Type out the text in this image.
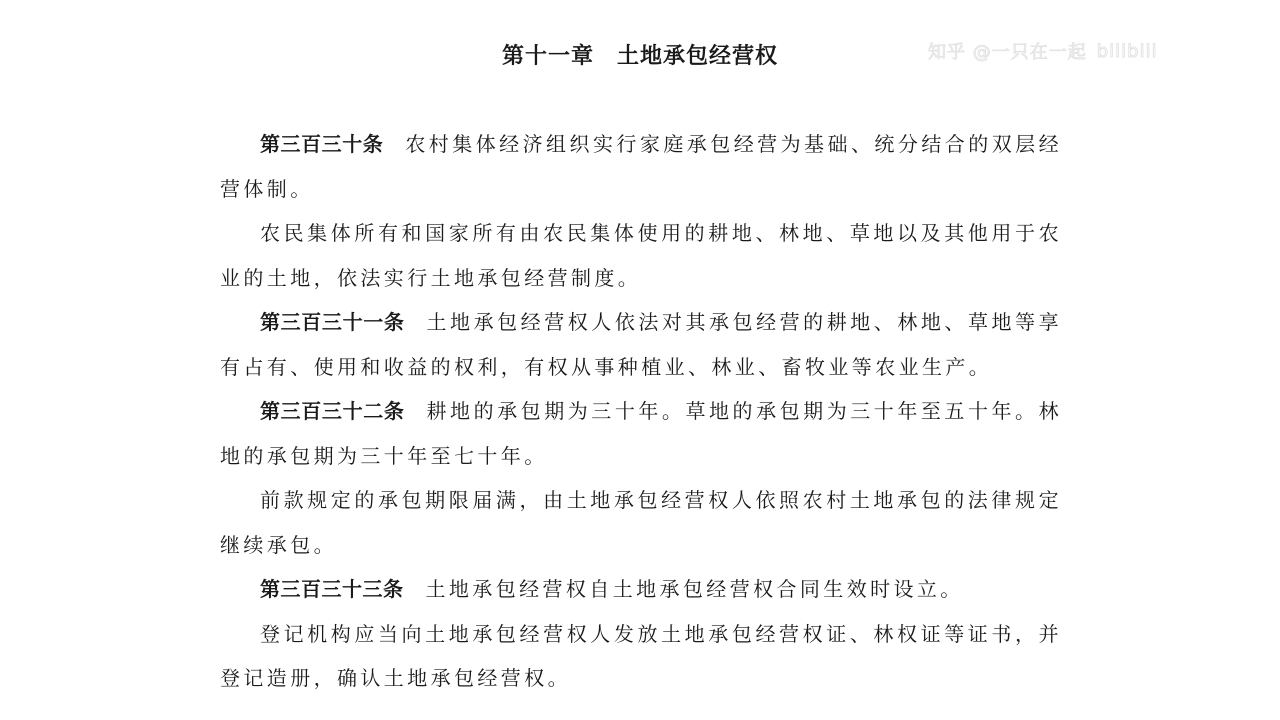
第十一章　土地承包经营权	知乎 @一只在一起 bilibili

第三百三十条 农村集体经济组织实行家庭承包经营为基础、统分结合的双层经营体制。

农民集体所有和国家所有由农民集体使用的耕地、林地、草地以及其他用于农业的土地，依法实行土地承包经营制度。

第三百三十一条 土地承包经营权人依法对其承包经营的耕地、林地、草地等享有占有、使用和收益的权利，有权从事种植业、林业、畜牧业等农业生产。

第三百三十二条 耕地的承包期为三十年。草地的承包期为三十年至五十年。林地的承包期为三十年至七十年。

前款规定的承包期限届满，由土地承包经营权人依照农村土地承包的法律规定继续承包。

第三百三十三条 土地承包经营权自土地承包经营权合同生效时设立。

登记机构应当向土地承包经营权人发放土地承包经营权证、林权证等证书，并登记造册，确认土地承包经营权。
